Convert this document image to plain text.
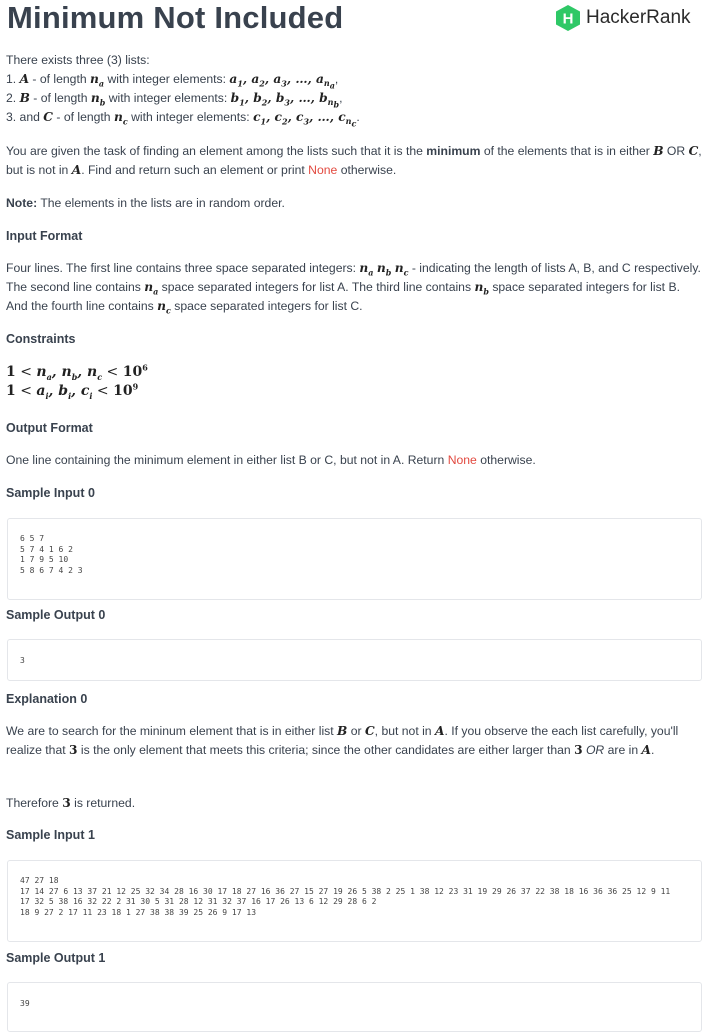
Minimum Not Included	H HackerRank

There exists three (3) lists:
1. A - of length $n_a$ with integer elements: $a_1$, $a_2$, $a_3$, …, $a_{n_a}$,
2. B - of length $n_b$ with integer elements: $b_1$, $b_2$, $b_3$, …, $b_{n_b}$,
3. and C - of length $n_c$ with integer elements: $c_1$, $c_2$, $c_3$, …, $c_{n_c}$.

You are given the task of finding an element among the lists such that it is the minimum of the elements that is in either B OR C, but is not in A. Find and return such an element or print None otherwise.

Note: The elements in the lists are in random order.

Input Format

Four lines. The first line contains three space separated integers: $n_a$ $n_b$ $n_c$ - indicating the length of lists A, B, and C respectively. The second line contains $n_a$ space separated integers for list A. The third line contains $n_b$ space separated integers for list B. And the fourth line contains $n_c$ space separated integers for list C.

Constraints
$1 < n_a$, $n_b$, $n_c < 10^6$
$1 < a_i$, $b_i$, $c_i < 10^9$
Output Format

One line containing the minimum element in either list B or C, but not in A. Return None otherwise.

Sample Input 0
6 5 7
5 7 4 1 6 2
1 7 9 5 10
5 8 6 7 4 2 3
Sample Output 0
3
Explanation 0

We are to search for the mininum element that is in either list B or C, but not in A. If you observe the each list carefully, you'll realize that 3 is the only element that meets this criteria; since the other candidates are either larger than 3 OR are in A.

Therefore 3 is returned.

Sample Input 1
47 27 18
17 14 27 6 13 37 21 12 25 32 34 28 16 30 17 18 27 16 36 27 15 27 19 26 5 38 2 25 1 38 12 23 31 19 29 26 37 22 38 18 16 36 36 25 12 9 11
17 32 5 38 16 32 22 2 31 30 5 31 28 12 31 32 37 16 17 26 13 6 12 29 28 6 2
18 9 27 2 17 11 23 18 1 27 38 38 39 25 26 9 17 13
Sample Output 1
39
